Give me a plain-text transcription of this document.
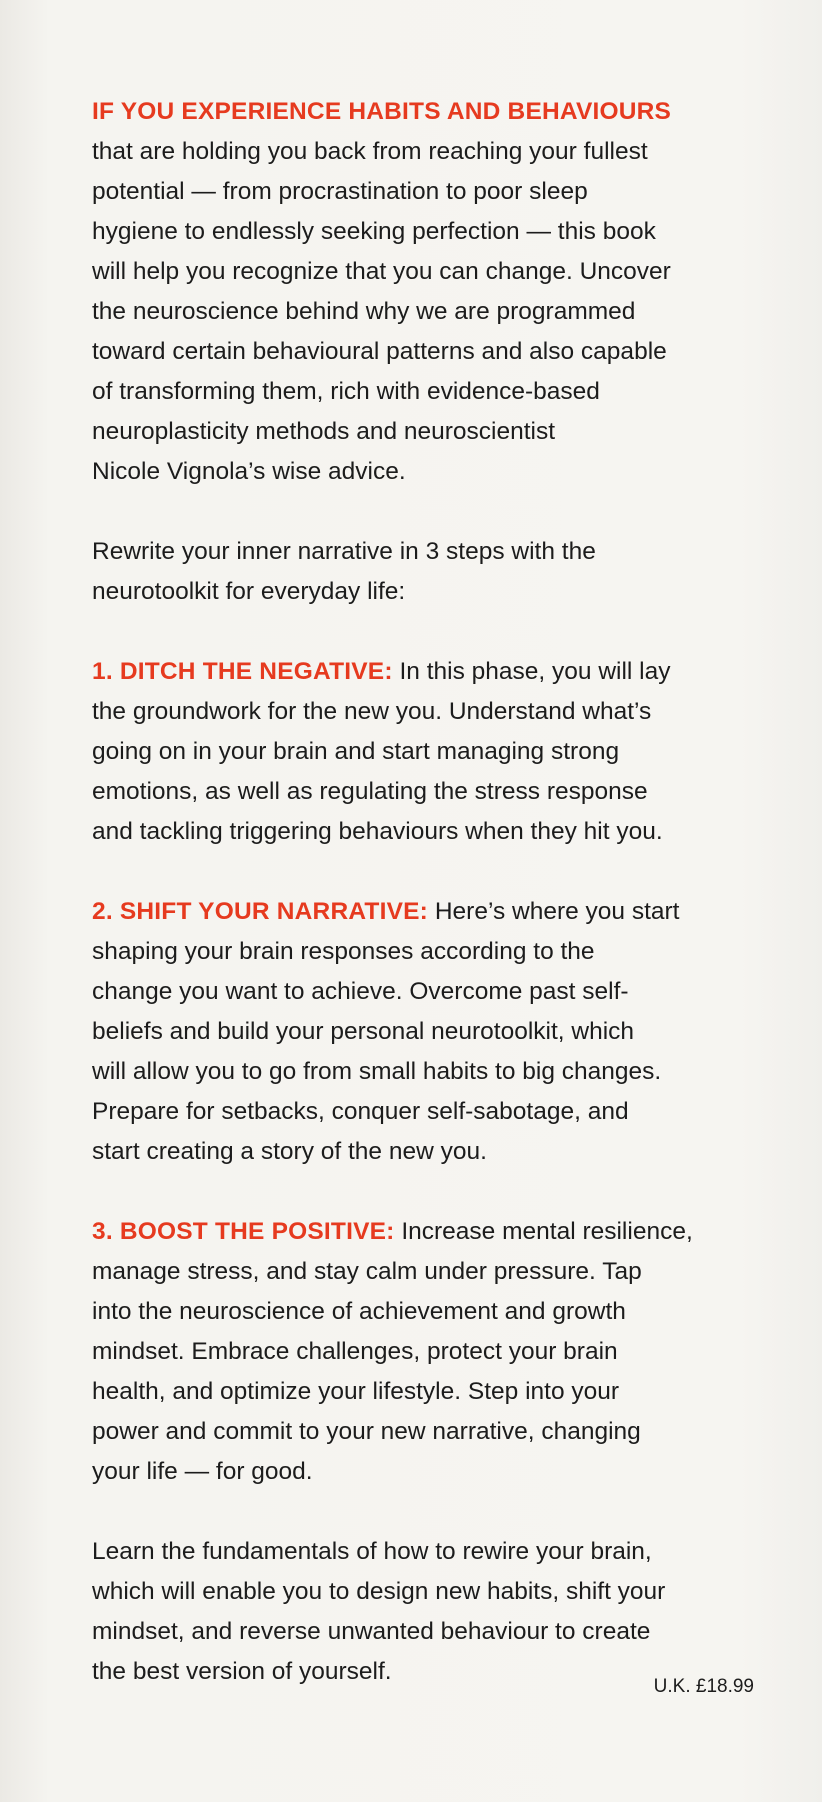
IF YOU EXPERIENCE HABITS AND BEHAVIOURS
that are holding you back from reaching your fullest
potential — from procrastination to poor sleep
hygiene to endlessly seeking perfection — this book
will help you recognize that you can change. Uncover
the neuroscience behind why we are programmed
toward certain behavioural patterns and also capable
of transforming them, rich with evidence-based
neuroplasticity methods and neuroscientist
Nicole Vignola’s wise advice.

Rewrite your inner narrative in 3 steps with the
neurotoolkit for everyday life:

1. DITCH THE NEGATIVE: In this phase, you will lay
the groundwork for the new you. Understand what’s
going on in your brain and start managing strong
emotions, as well as regulating the stress response
and tackling triggering behaviours when they hit you.

2. SHIFT YOUR NARRATIVE: Here’s where you start
shaping your brain responses according to the
change you want to achieve. Overcome past self-
beliefs and build your personal neurotoolkit, which
will allow you to go from small habits to big changes.
Prepare for setbacks, conquer self-sabotage, and
start creating a story of the new you.

3. BOOST THE POSITIVE: Increase mental resilience,
manage stress, and stay calm under pressure. Tap
into the neuroscience of achievement and growth
mindset. Embrace challenges, protect your brain
health, and optimize your lifestyle. Step into your
power and commit to your new narrative, changing
your life — for good.

Learn the fundamentals of how to rewire your brain,
which will enable you to design new habits, shift your
mindset, and reverse unwanted behaviour to create
the best version of yourself.

U.K. £18.99
